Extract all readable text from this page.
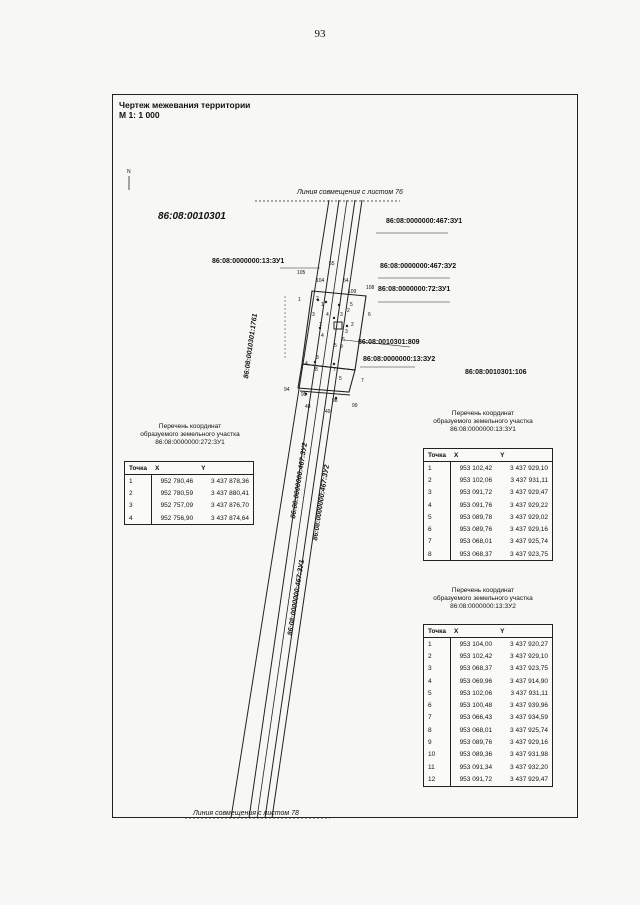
93
Чертеж межевания территории
М 1: 1 000
N
Линия совмещения с листом 76
Линия совмещения с листом 78
86:08:0010301	86:08:0000000:467:ЗУ1
86:08:0000000:13:ЗУ1
86:08:0000000:467:ЗУ2
86:08:0000000:72:ЗУ1
86:08:0010301:809
86:08:0000000:13:ЗУ2
86:08:0010301:106
86:08:0010301:1761
86:08:0000000:467:ЗУ2
86:08:0000000:467:ЗУ1
86:08:0000000:467:ЗУ2
105
104
55
54
109
108
1	2
1	5
3 4
2
6
3
1	2
4
3
6
5 9
3
4
8	7
5	7
94
95
48
98
49
99
Перечень координат
образуемого земельного участка
86:08:0000000:272:ЗУ1
Точка	X	Y
1	952 780,46	3 437 878,36
2	952 780,59	3 437 880,41
3	952 757,09	3 437 876,70
4	952 756,90	3 437 874,64
Перечень координат
образуемого земельного участка
86:08:0000000:13:ЗУ1
Точка	X	Y
1	953 102,42	3 437 929,10
2	953 102,06	3 437 931,11
3	953 091,72	3 437 929,47
4	953 091,76	3 437 929,22
5	953 089,78	3 437 929,02
6	953 089,76	3 437 929,16
7	953 068,01	3 437 925,74
8	953 068,37	3 437 923,75
Перечень координат
образуемого земельного участка
86:08:0000000:13:ЗУ2
Точка	X	Y
1	953 104,00	3 437 920,27
2	953 102,42	3 437 929,10
3	953 068,37	3 437 923,75
4	953 069,96	3 437 914,90
5	953 102,06	3 437 931,11
6	953 100,48	3 437 939,96
7	953 066,43	3 437 934,59
8	953 068,01	3 437 925,74
9	953 089,76	3 437 929,16
10	953 089,36	3 437 931,98
11	953 091,34	3 437 932,20
12	953 091,72	3 437 929,47
